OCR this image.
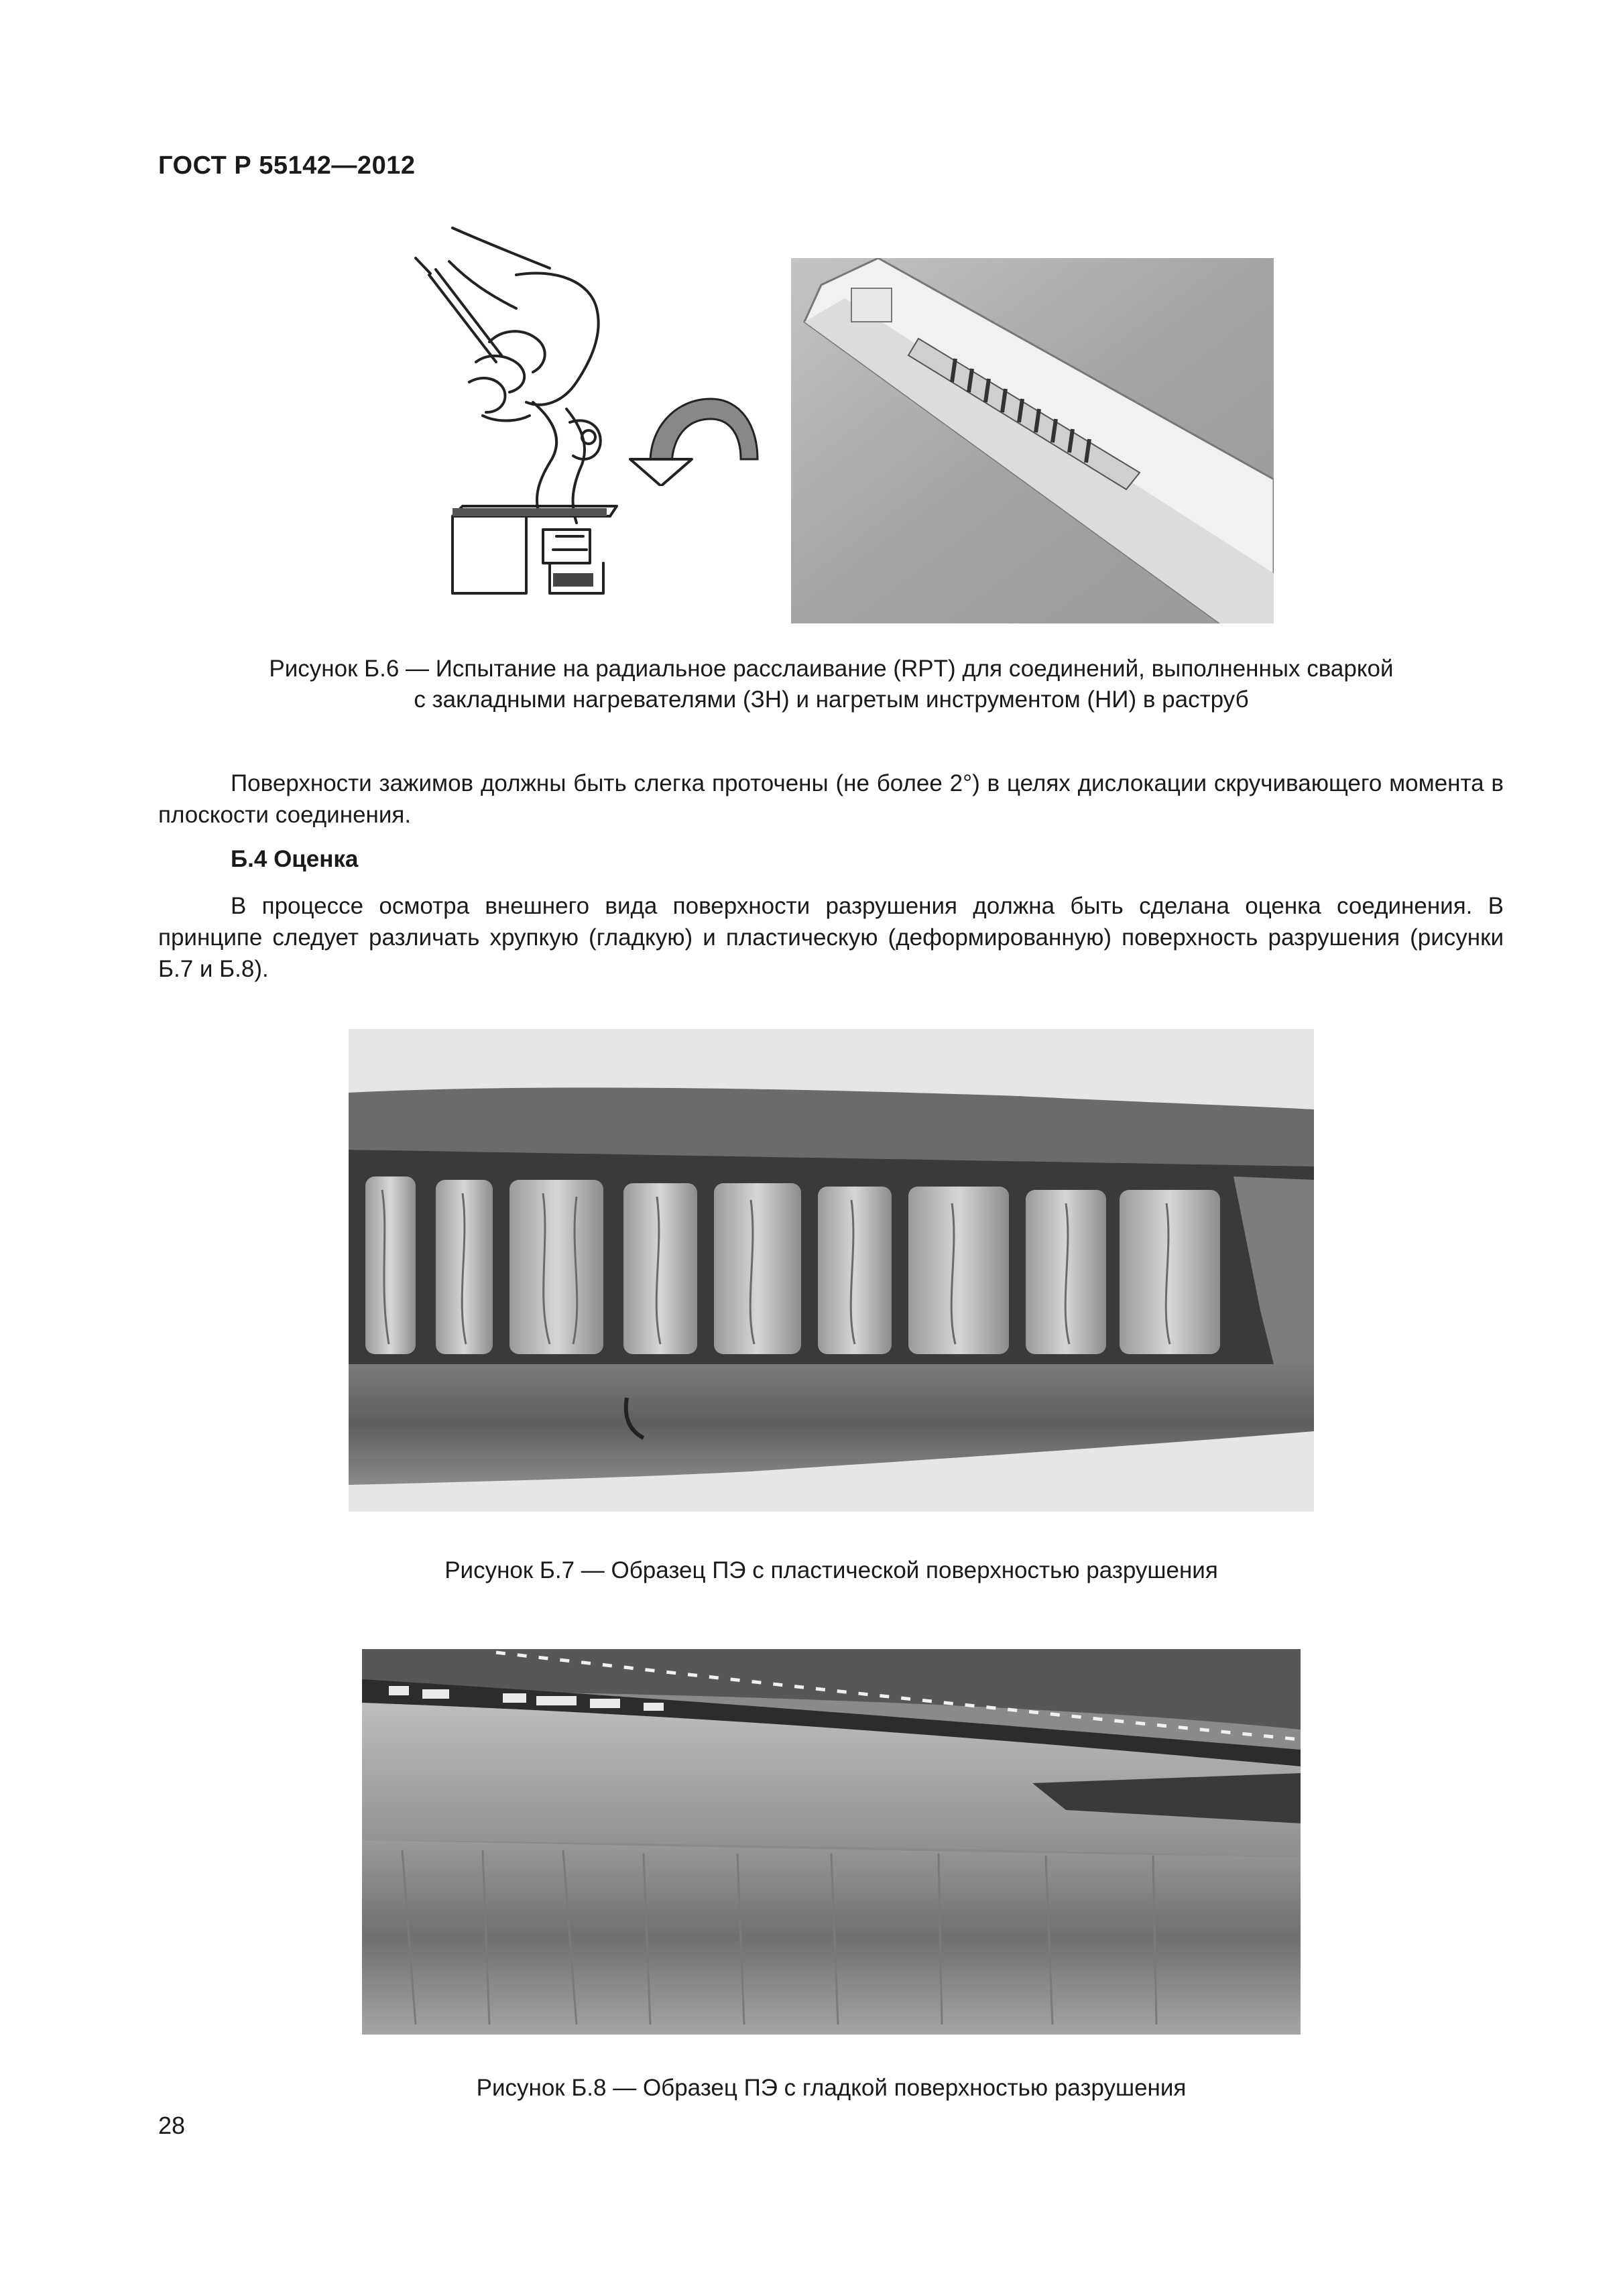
ГОСТ Р 55142—2012
Рисунок Б.6 — Испытание на радиальное расслаивание (RPT) для соединений, выполненных сваркой
с закладными нагревателями (ЗН) и нагретым инструментом (НИ) в раструб
Поверхности зажимов должны быть слегка проточены (не более 2°) в целях дислокации скручивающего момента в плоскости соединения.
Б.4 Оценка
В процессе осмотра внешнего вида поверхности разрушения должна быть сделана оценка соединения. В принципе следует различать хрупкую (гладкую) и пластическую (деформированную) поверхность разрушения (рисунки Б.7 и Б.8).
Рисунок Б.7 — Образец ПЭ с пластической поверхностью разрушения
Рисунок Б.8 — Образец ПЭ с гладкой поверхностью разрушения
28
